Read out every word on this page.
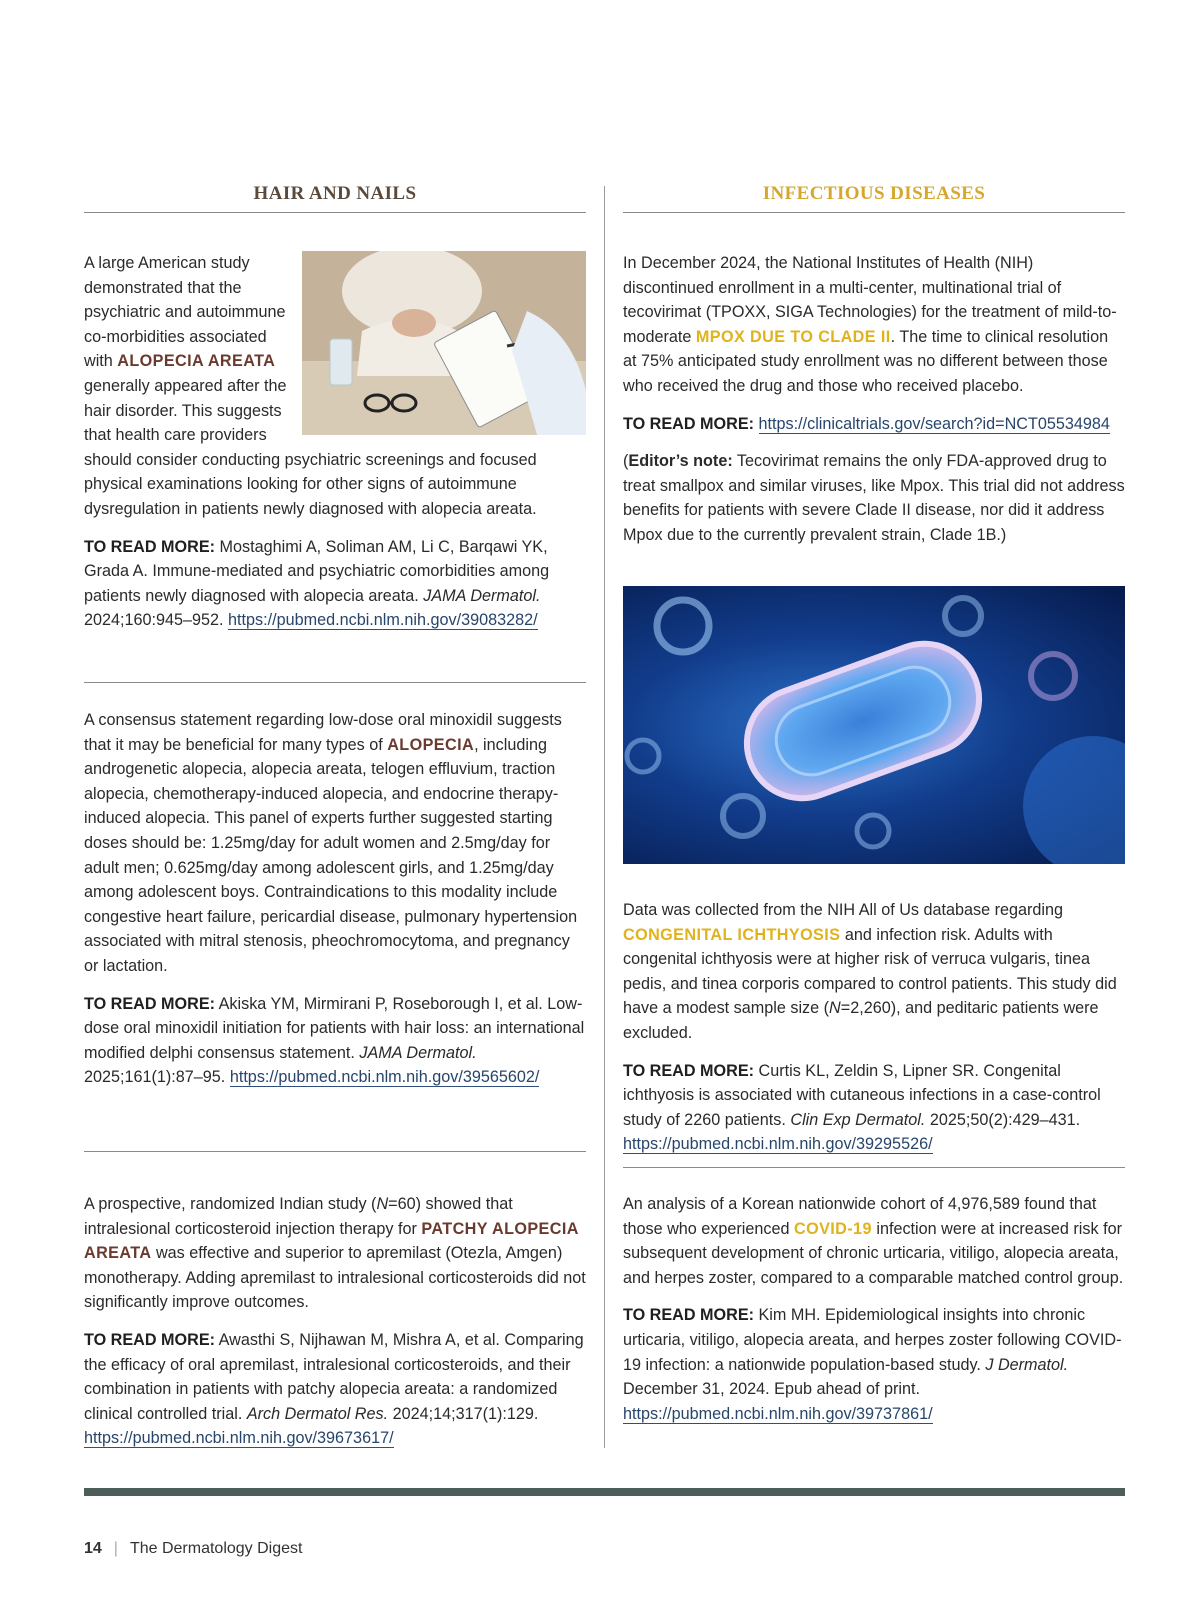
HAIR AND NAILS

A large American study demonstrated that the psychiatric and autoimmune co-morbidities associated with ALOPECIA AREATA generally appeared after the hair disorder. This suggests that health care providers should consider conducting psychiatric screenings and focused physical examinations looking for other signs of autoimmune dysregulation in patients newly diagnosed with alopecia areata.

TO READ MORE: Mostaghimi A, Soliman AM, Li C, Barqawi YK, Grada A. Immune-mediated and psychiatric comorbidities among patients newly diagnosed with alopecia areata. JAMA Dermatol. 2024;160:945–952. https://pubmed.ncbi.nlm.nih.gov/39083282/

A consensus statement regarding low-dose oral minoxidil suggests that it may be beneficial for many types of ALOPECIA, including androgenetic alopecia, alopecia areata, telogen effluvium, traction alopecia, chemotherapy-induced alopecia, and endocrine therapy-induced alopecia. This panel of experts further suggested starting doses should be: 1.25mg/day for adult women and 2.5mg/day for adult men; 0.625mg/day among adolescent girls, and 1.25mg/day among adolescent boys. Contraindications to this modality include congestive heart failure, pericardial disease, pulmonary hypertension associated with mitral stenosis, pheochromocytoma, and pregnancy or lactation.

TO READ MORE: Akiska YM, Mirmirani P, Roseborough I, et al. Low-dose oral minoxidil initiation for patients with hair loss: an international modified delphi consensus statement. JAMA Dermatol. 2025;161(1):87–95. https://pubmed.ncbi.nlm.nih.gov/39565602/

A prospective, randomized Indian study (N=60) showed that intralesional corticosteroid injection therapy for PATCHY ALOPECIA AREATA was effective and superior to apremilast (Otezla, Amgen) monotherapy. Adding apremilast to intralesional corticosteroids did not significantly improve outcomes.

TO READ MORE: Awasthi S, Nijhawan M, Mishra A, et al. Comparing the efficacy of oral apremilast, intralesional corticosteroids, and their combination in patients with patchy alopecia areata: a randomized clinical controlled trial. Arch Dermatol Res. 2024;14;317(1):129. https://pubmed.ncbi.nlm.nih.gov/39673617/

INFECTIOUS DISEASES

In December 2024, the National Institutes of Health (NIH) discontinued enrollment in a multi-center, multinational trial of tecovirimat (TPOXX, SIGA Technologies) for the treatment of mild-to-moderate MPOX DUE TO CLADE II. The time to clinical resolution at 75% anticipated study enrollment was no different between those who received the drug and those who received placebo.

TO READ MORE: https://clinicaltrials.gov/search?id=NCT05534984

(Editor’s note: Tecovirimat remains the only FDA-approved drug to treat smallpox and similar viruses, like Mpox. This trial did not address benefits for patients with severe Clade II disease, nor did it address Mpox due to the currently prevalent strain, Clade 1B.)

Data was collected from the NIH All of Us database regarding CONGENITAL ICHTHYOSIS and infection risk. Adults with congenital ichthyosis were at higher risk of verruca vulgaris, tinea pedis, and tinea corporis compared to control patients. This study did have a modest sample size (N=2,260), and peditaric patients were excluded.

TO READ MORE: Curtis KL, Zeldin S, Lipner SR. Congenital ichthyosis is associated with cutaneous infections in a case-control study of 2260 patients. Clin Exp Dermatol. 2025;50(2):429–431. https://pubmed.ncbi.nlm.nih.gov/39295526/

An analysis of a Korean nationwide cohort of 4,976,589 found that those who experienced COVID-19 infection were at increased risk for subsequent development of chronic urticaria, vitiligo, alopecia areata, and herpes zoster, compared to a comparable matched control group.

TO READ MORE: Kim MH. Epidemiological insights into chronic urticaria, vitiligo, alopecia areata, and herpes zoster following COVID-19 infection: a nationwide population-based study. J Dermatol. December 31, 2024. Epub ahead of print. https://pubmed.ncbi.nlm.nih.gov/39737861/

14 | The Dermatology Digest
